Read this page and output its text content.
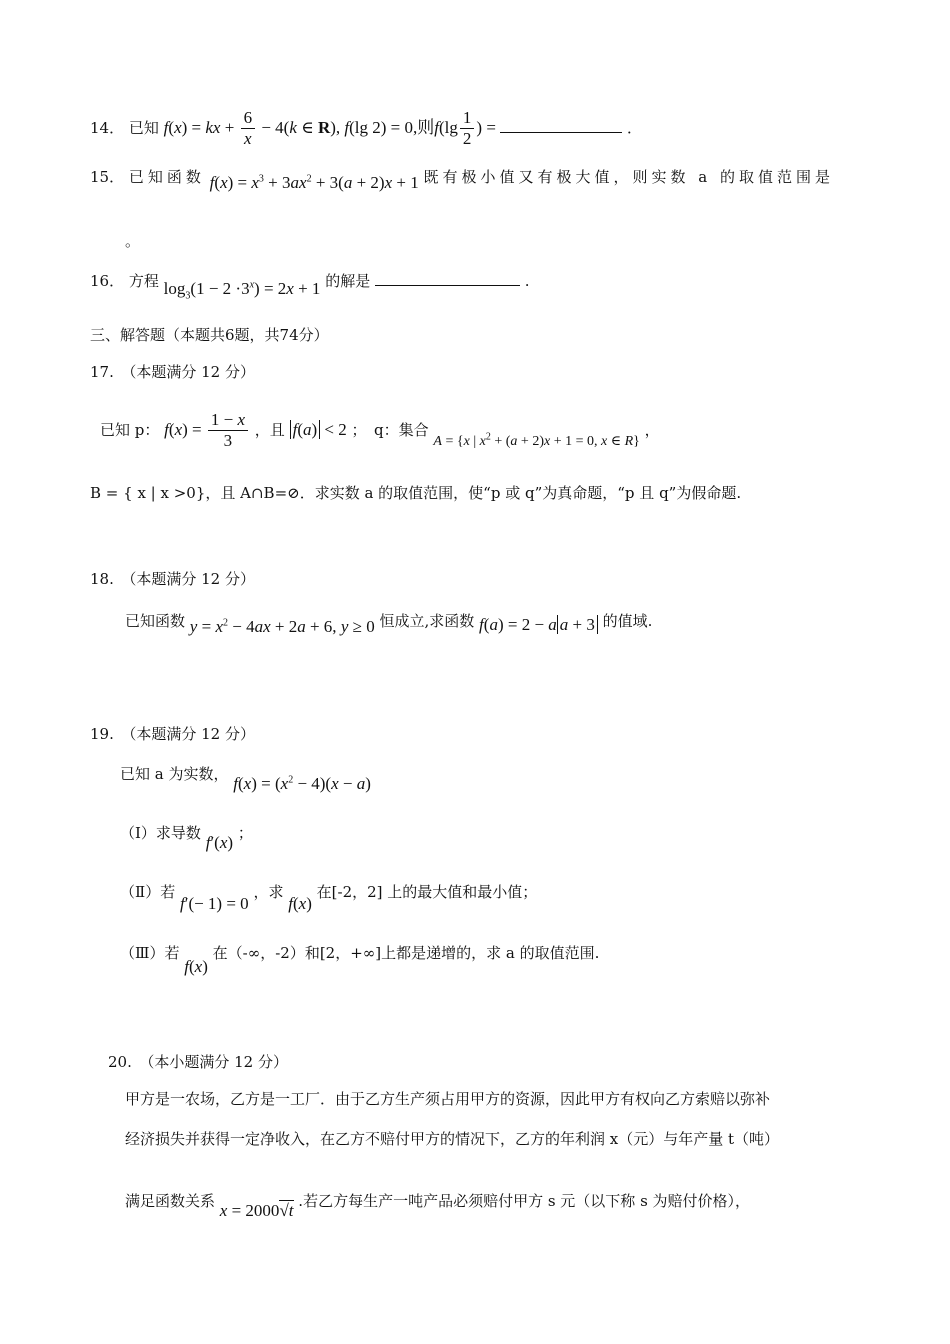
14． 已知 f(x) = kx + $\frac{6}{x} - 4(k$ ∈ R), f(lg 2) = 0,则$f(\lg \frac{1}{2}$ ) =	．
15． 已知函数 $f(x) = x^3 + 3ax^2 + 3(a + 2)x + 1$ 既有极小值又有极大值，则实数 a 的取值范围是
。
16． 方程 $\log_3(1 - 2 \cdot 3^x) = 2x + 1$ 的解是	.
三、解答题（本题共6题，共74分）
17.　（本题满分 12 分）
已知 p： $f(x) = \frac{1 - x}{3}$ ，且 f(a) < 2 ；　q：集合 A = {x | $x^2 + (a + 2)x + 1 = 0$, x ∈ R} ，
B = { x | x >0}，且 A∩B=⊘．求实数 a 的取值范围，使“p 或 q”为真命题，“p 且 q”为假命题.
18.　（本题满分 12 分）
已知函数 $y = x^2 - 4ax + 2a + 6$, y ≥ 0 恒成立,求函数 f(a) = 2 − a a + 3 的值域.
19.　（本题满分 12 分）
已知 a 为实数， $f(x) = (x^2 - 4)(x - a)$
（Ⅰ）求导数 f′(x) ；
（Ⅱ）若 f′(− 1) = 0 ，求 f(x) 在[-2，2] 上的最大值和最小值；
（Ⅲ）若 f(x) 在（-∞，-2）和[2，+∞]上都是递增的，求 a 的取值范围.
20.　（本小题满分 12 分）
甲方是一农场，乙方是一工厂．由于乙方生产须占用甲方的资源，因此甲方有权向乙方索赔以弥补
经济损失并获得一定净收入，在乙方不赔付甲方的情况下，乙方的年利润 x（元）与年产量 t（吨）
满足函数关系 x = 2000√t .若乙方每生产一吨产品必须赔付甲方 s 元（以下称 s 为赔付价格），
